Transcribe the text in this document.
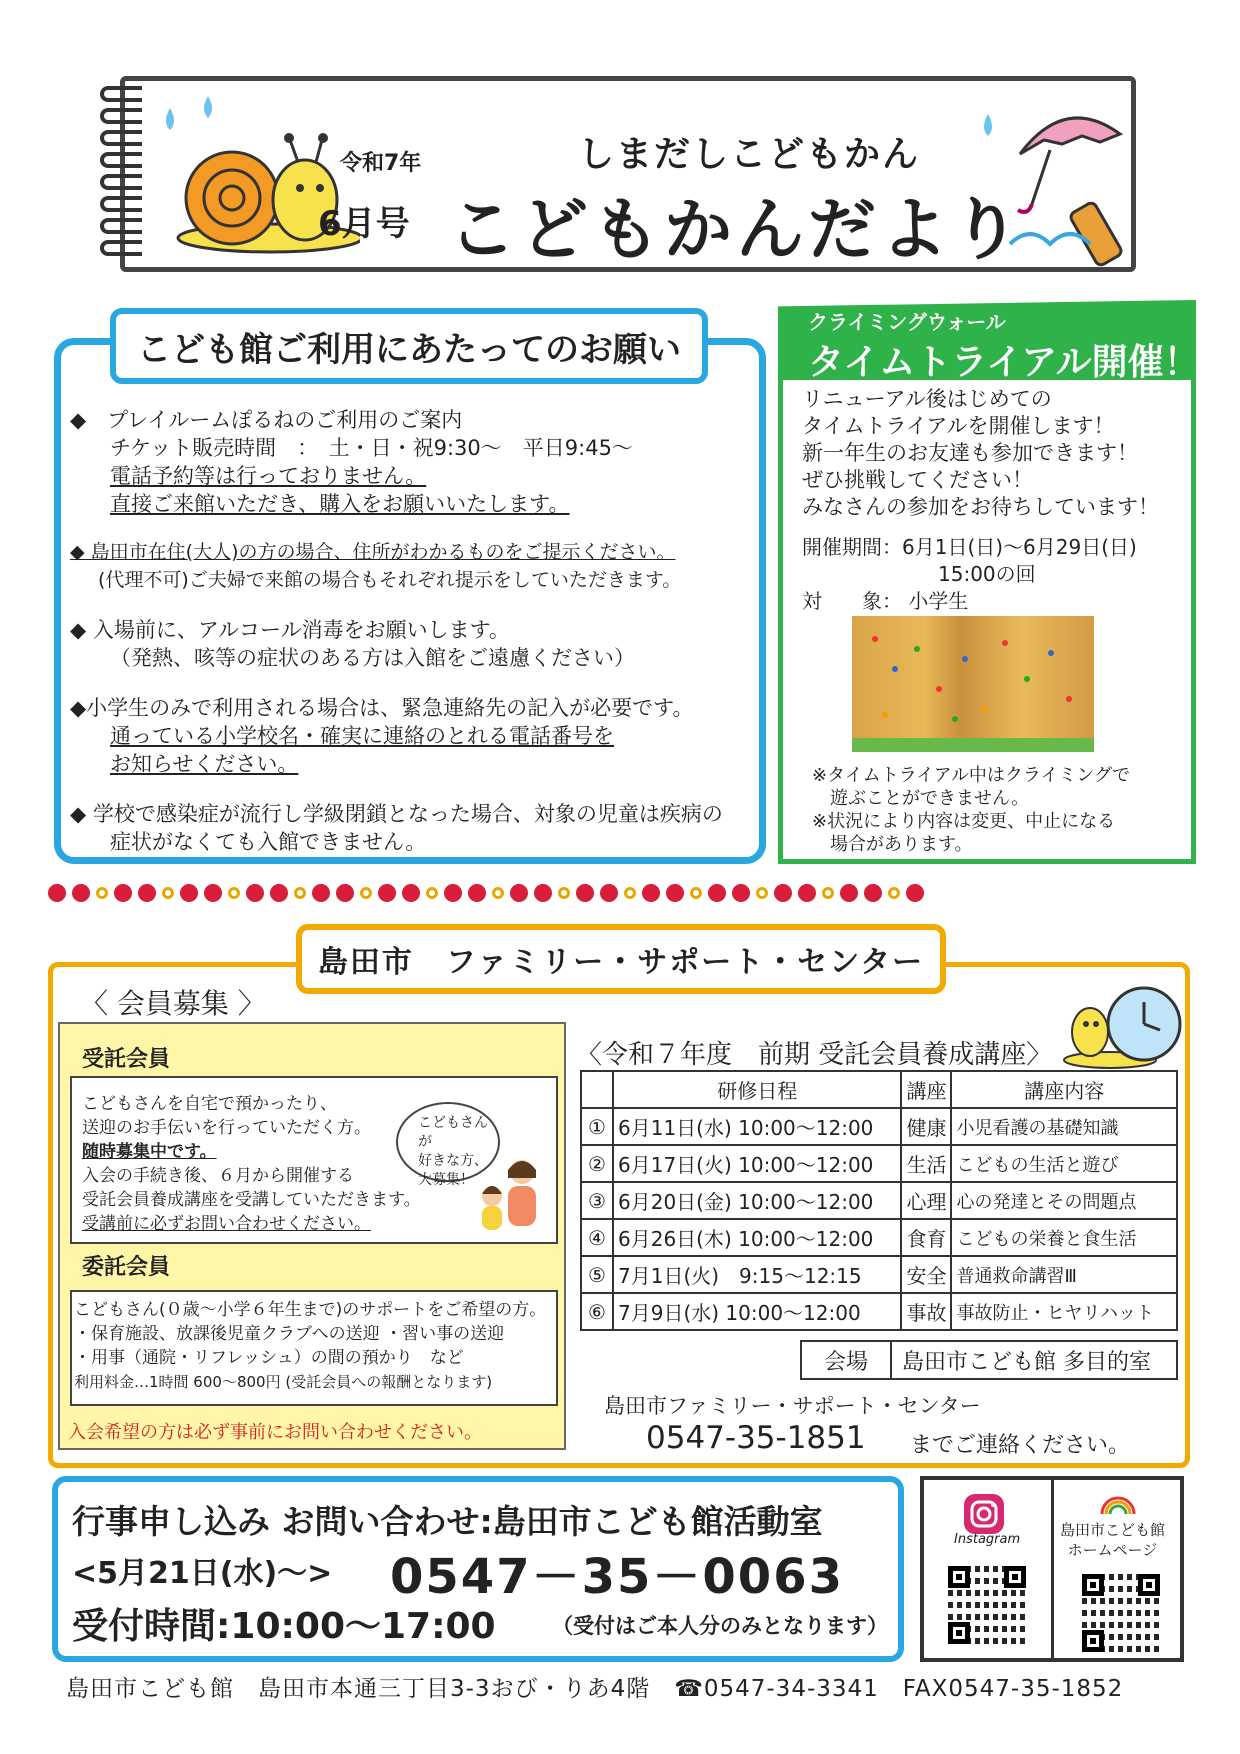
令和7年
6月号
しまだしこどもかん
こどもかんだより
こども館ご利用にあたってのお願い
◆　プレイルームぽるねのご利用のご案内
チケット販売時間　：　土・日・祝9:30～　平日9:45～
電話予約等は行っておりません。
直接ご来館いただき、購入をお願いいたします。
◆ 島田市在住(大人)の方の場合、住所がわかるものをご提示ください。
(代理不可)ご夫婦で来館の場合もそれぞれ提示をしていただきます。
◆ 入場前に、アルコール消毒をお願いします。
（発熱、咳等の症状のある方は入館をご遠慮ください）
◆小学生のみで利用される場合は、緊急連絡先の記入が必要です。
通っている小学校名・確実に連絡のとれる電話番号を
お知らせください。
◆ 学校で感染症が流行し学級閉鎖となった場合、対象の児童は疾病の
症状がなくても入館できません。
クライミングウォール
タイムトライアル開催！
リニューアル後はじめての
タイムトライアルを開催します！
新一年生のお友達も参加できます！
ぜひ挑戦してください！
みなさんの参加をお待ちしています！
開催期間：6月1日(日)～6月29日(日)
15:00の回
対　　象： 小学生
※タイムトライアル中はクライミングで
遊ぶことができません。
※状況により内容は変更、中止になる
場合があります。
島田市　ファミリー・サポート・センター
〈 会員募集 〉
受託会員
こどもさんを自宅で預かったり、
送迎のお手伝いを行っていただく方。
随時募集中です。
入会の手続き後、６月から開催する
受託会員養成講座を受講していただきます。
受講前に必ずお問い合わせください。
こどもさんが
好きな方、
大募集！
委託会員
こどもさん(０歳～小学６年生まで)のサポートをご希望の方。
・保育施設、放課後児童クラブへの送迎 ・習い事の送迎
・用事（通院・リフレッシュ）の間の預かり　など
利用料金…1時間 600～800円 (受託会員への報酬となります)
入会希望の方は必ず事前にお問い合わせください。
〈令和７年度　前期 受託会員養成講座〉
	研修日程	講座	講座内容
①	6月11日(水) 10:00～12:00	健康	小児看護の基礎知識
②	6月17日(火) 10:00～12:00	生活	こどもの生活と遊び
③	6月20日(金) 10:00～12:00	心理	心の発達とその問題点
④	6月26日(木) 10:00～12:00	食育	こどもの栄養と食生活
⑤	7月1日(火)　9:15～12:15	安全	普通救命講習Ⅲ
⑥	7月9日(水) 10:00～12:00	事故	事故防止・ヒヤリハット
会場	島田市こども館 多目的室
島田市ファミリー・サポート・センター
0547-35-1851 までご連絡ください。
行事申し込み お問い合わせ:島田市こども館活動室
<5月21日(水)～> 0547－35－0063
受付時間:10:00～17:00	（受付はご本人分のみとなります）
Instagram
島田市こども館
ホームページ
島田市こども館　島田市本通三丁目3-3おび・りあ4階　☎0547-34-3341　FAX0547-35-1852
